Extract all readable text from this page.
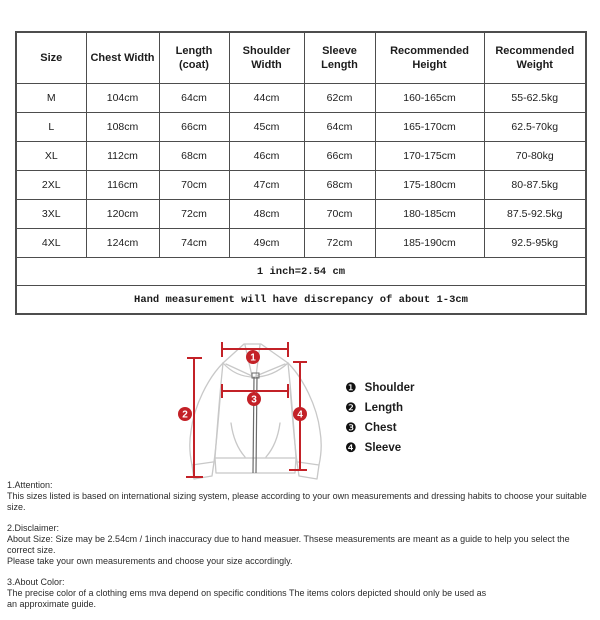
Size	Chest Width	Length (coat)	Shoulder Width	Sleeve Length	Recommended Height	Recommended Weight
M	104cm	64cm	44cm	62cm	160-165cm	55-62.5kg
L	108cm	66cm	45cm	64cm	165-170cm	62.5-70kg
XL	112cm	68cm	46cm	66cm	170-175cm	70-80kg
2XL	116cm	70cm	47cm	68cm	175-180cm	80-87.5kg
3XL	120cm	72cm	48cm	70cm	180-185cm	87.5-92.5kg
4XL	124cm	74cm	49cm	72cm	185-190cm	92.5-95kg
1 inch=2.54 cm						
Hand measurement will have discrepancy of about 1-3cm						
1
2
3
4
❶ Shoulder
❷ Length
❸ Chest
❹ Sleeve
1.Attention:
This sizes listed is based on international sizing system, please according to your own measurements and dressing habits to choose your suitable size.
2.Disclaimer:
About Size: Size may be 2.54cm / 1inch inaccuracy due to hand measuer. Thsese measurements are meant as a guide to help you select the correct size.
Please take your own measurements and choose your size accordingly.
3.About Color:
The precise color of a clothing ems mva depend on specific conditions The items colors depicted should only be used as
an approximate guide.
